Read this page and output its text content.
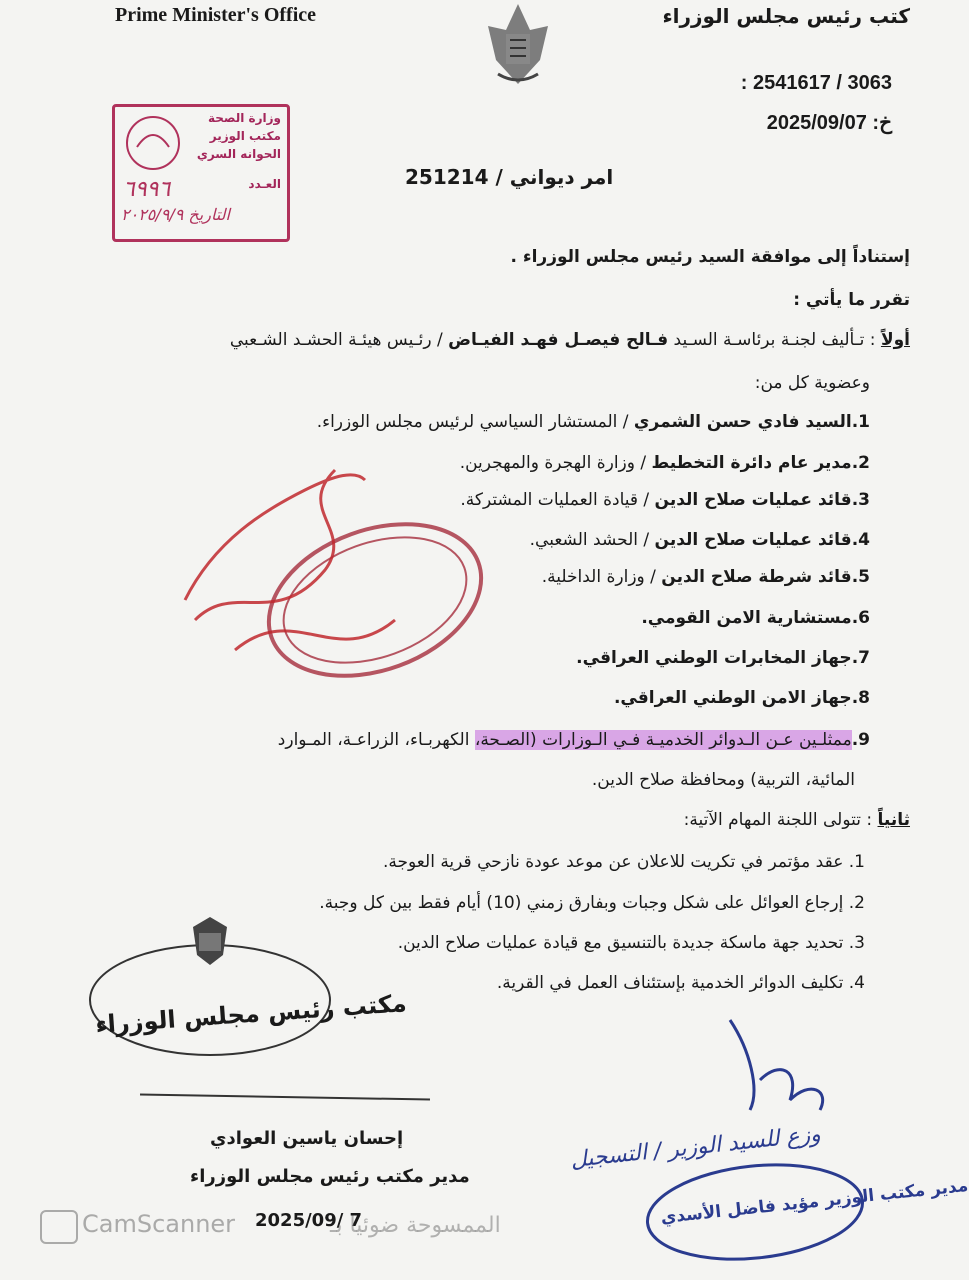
Prime Minister's Office	كتب رئيس مجلس الوزراء
: 2541617 / 3063
خ: 2025/09/07
وزارة الصحة
مكتب الوزير
الحوانه السري
العـدد
٦٩٩٦
التاريخ ٢٠٢٥/٩/٩
امر ديواني / 251214
إستناداً إلى موافقة السيد رئيس مجلس الوزراء .
تقرر ما يأتي :
أولاً : تـأليف لجنـة برئاسـة السـيد فـالح فيصـل فهـد الفيـاض / رئـيس هيئـة الحشـد الشـعبي
وعضوية كل من:
1.السيد فادي حسن الشمري / المستشار السياسي لرئيس مجلس الوزراء.
2.مدير عام دائرة التخطيط / وزارة الهجرة والمهجرين.
3.قائد عمليات صلاح الدين / قيادة العمليات المشتركة.
4.قائد عمليات صلاح الدين / الحشد الشعبي.
5.قائد شرطة صلاح الدين / وزارة الداخلية.
6.مستشارية الامن القومي.
7.جهاز المخابرات الوطني العراقي.
8.جهاز الامن الوطني العراقي.
9.ممثلـين عـن الـدوائر الخدميـة فـي الـوزارات (الصـحة، الكهربـاء، الزراعـة، المـوارد
المائية، التربية) ومحافظة صلاح الدين.
ثانياً : تتولى اللجنة المهام الآتية:
1. عقد مؤتمر في تكريت للاعلان عن موعد عودة نازحي قرية العوجة.
2. إرجاع العوائل على شكل وجبات وبفارق زمني (10) أيام فقط بين كل وجبة.
3. تحديد جهة ماسكة جديدة بالتنسيق مع قيادة عمليات صلاح الدين.
4. تكليف الدوائر الخدمية بإستئناف العمل في القرية.
مكتب رئيس مجلس الوزراء
إحسان ياسين العوادي
مدير مكتب رئيس مجلس الوزراء
2025/09/ 7
وزع للسيد الوزير / التسجيل
مدير مكتب الوزير مؤيد فاضل الأسدي
CamScanner	الممسوحة ضوئيا بـ
